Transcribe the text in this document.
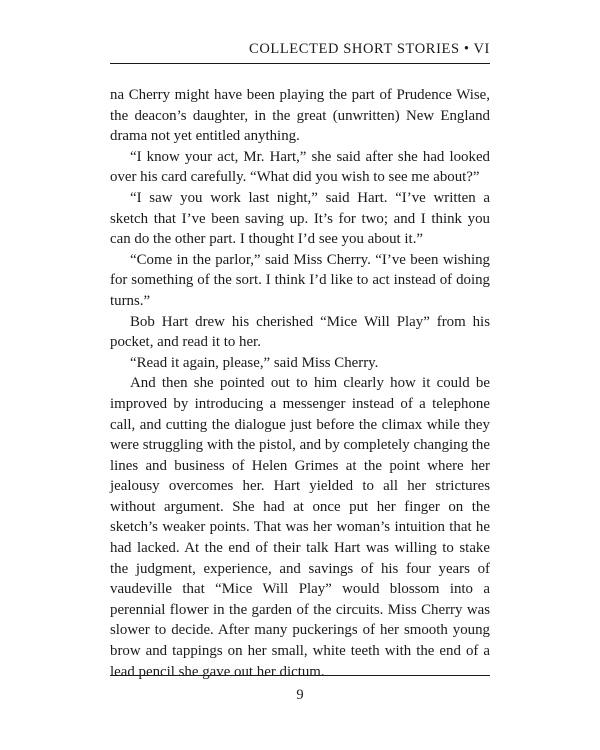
COLLECTED SHORT STORIES • VI

na Cherry might have been playing the part of Prudence Wise, the deacon’s daughter, in the great (unwritten) New England drama not yet entitled anything.

“I know your act, Mr. Hart,” she said after she had looked over his card carefully. “What did you wish to see me about?”

“I saw you work last night,” said Hart. “I’ve written a sketch that I’ve been saving up. It’s for two; and I think you can do the other part. I thought I’d see you about it.”

“Come in the parlor,” said Miss Cherry. “I’ve been wishing for something of the sort. I think I’d like to act instead of doing turns.”

Bob Hart drew his cherished “Mice Will Play” from his pocket, and read it to her.

“Read it again, please,” said Miss Cherry.

And then she pointed out to him clearly how it could be improved by introducing a messenger instead of a telephone call, and cutting the dialogue just before the climax while they were struggling with the pistol, and by completely changing the lines and business of Helen Grimes at the point where her jealousy overcomes her. Hart yielded to all her strictures without argument. She had at once put her finger on the sketch’s weaker points. That was her woman’s intuition that he had lacked. At the end of their talk Hart was willing to stake the judgment, experience, and savings of his four years of vaudeville that “Mice Will Play” would blossom into a perennial flower in the garden of the circuits. Miss Cherry was slower to decide. After many puckerings of her smooth young brow and tappings on her small, white teeth with the end of a lead pencil she gave out her dictum.

9
